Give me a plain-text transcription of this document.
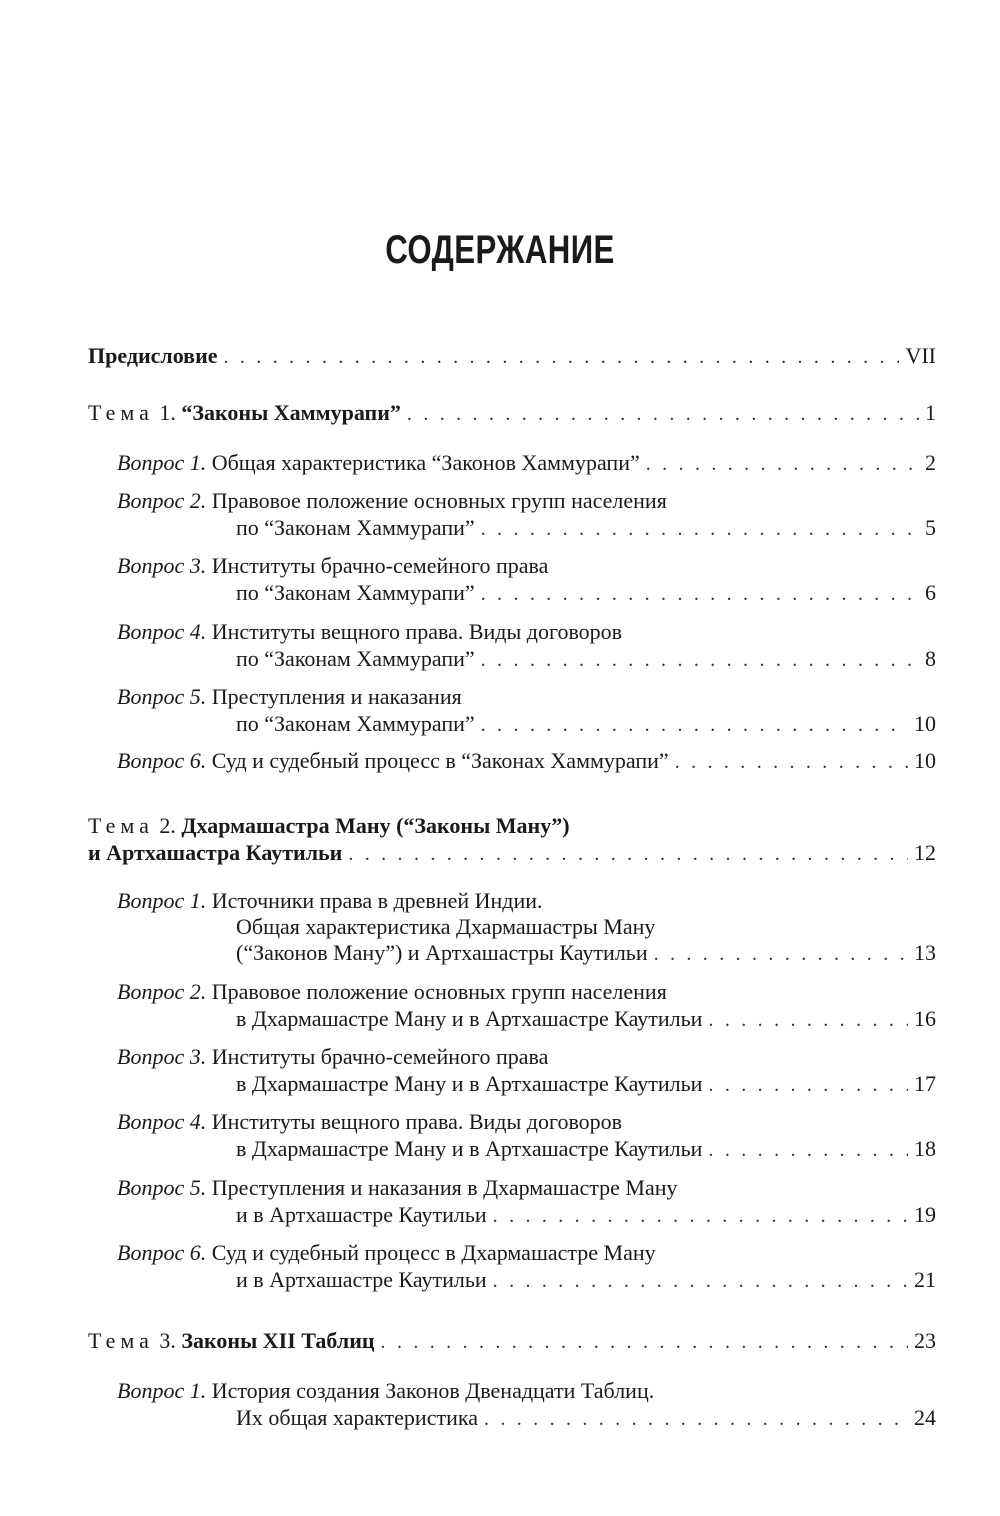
СОДЕРЖАНИЕ
Предисловие . . .	VII
Тема 1. “Законы Хаммурапи” . . .	1
Вопрос 1. Общая характеристика “Законов Хаммурапи” . . .	2
Вопрос 2. Правовое положение основных групп населения
по “Законам Хаммурапи” . . .	5
Вопрос 3. Институты брачно-семейного права
по “Законам Хаммурапи” . . .	6
Вопрос 4. Институты вещного права. Виды договоров
по “Законам Хаммурапи” . . .	8
Вопрос 5. Преступления и наказания
по “Законам Хаммурапи” . . .	10
Вопрос 6. Суд и судебный процесс в “Законах Хаммурапи” . . .	10
Тема 2. Дхармашастра Ману (“Законы Ману”)
и Артхашастра Каутильи . . .	12
Вопрос 1. Источники права в древней Индии.
Общая характеристика Дхармашастры Ману
(“Законов Ману”) и Артхашастры Каутильи . . .	13
Вопрос 2. Правовое положение основных групп населения
в Дхармашастре Ману и в Артхашастре Каутильи . . .	16
Вопрос 3. Институты брачно-семейного права
в Дхармашастре Ману и в Артхашастре Каутильи . . .	17
Вопрос 4. Институты вещного права. Виды договоров
в Дхармашастре Ману и в Артхашастре Каутильи . . .	18
Вопрос 5. Преступления и наказания в Дхармашастре Ману
и в Артхашастре Каутильи . . .	19
Вопрос 6. Суд и судебный процесс в Дхармашастре Ману
и в Артхашастре Каутильи . . .	21
Тема 3. Законы XII Таблиц . . .	23
Вопрос 1. История создания Законов Двенадцати Таблиц.
Их общая характеристика . . .	24
